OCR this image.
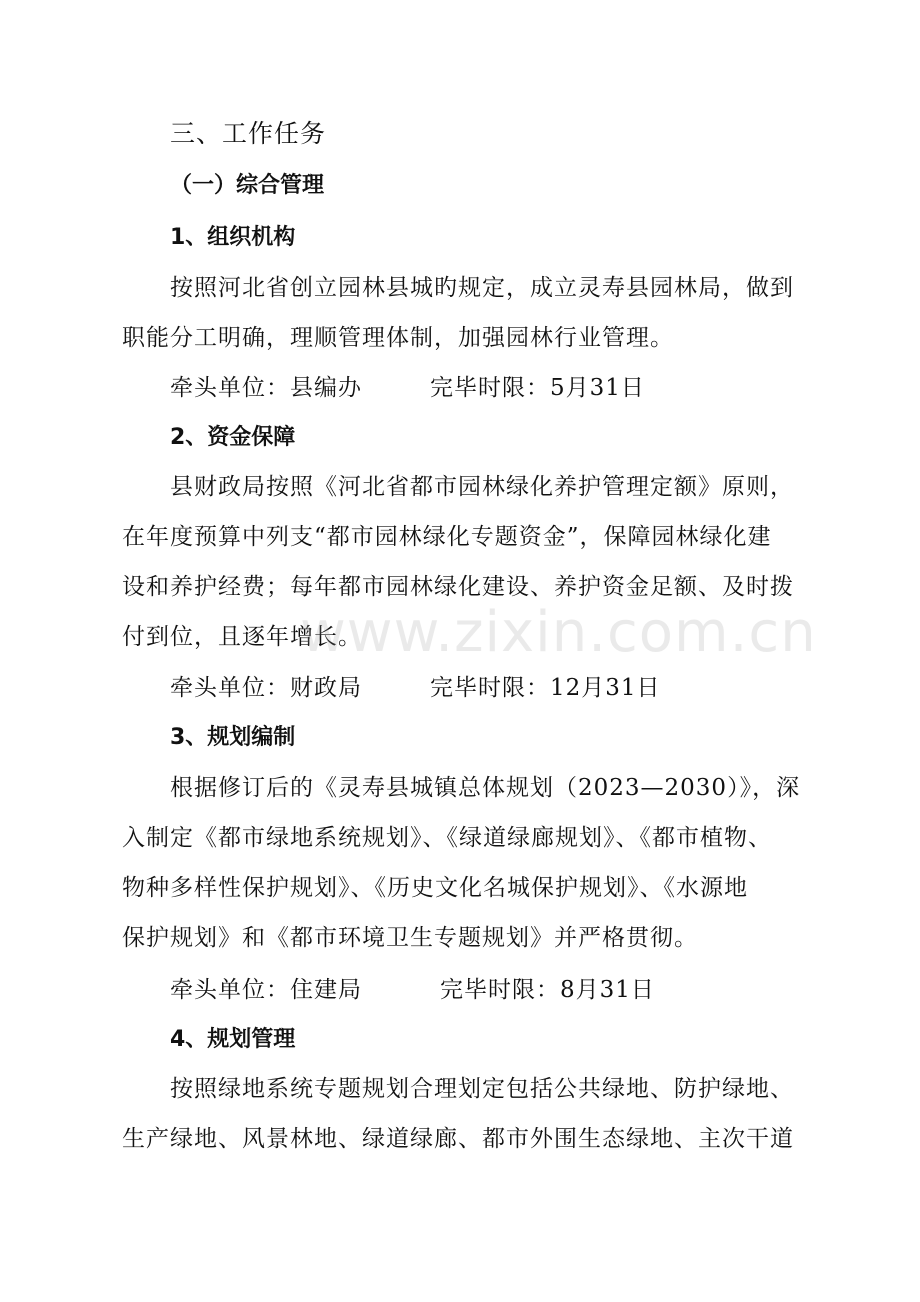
三、工作任务
（一）综合管理
1、组织机构
按照河北省创立园林县城旳规定，成立灵寿县园林局，做到
职能分工明确，理顺管理体制，加强园林行业管理。
牵头单位：县编办	完毕时限：5月31日
2、资金保障
县财政局按照《河北省都市园林绿化养护管理定额》原则，
在年度预算中列支“都市园林绿化专题资金”，保障园林绿化建
设和养护经费；每年都市园林绿化建设、养护资金足额、及时拨
付到位，且逐年增长。
牵头单位：财政局	完毕时限：12月31日
3、规划编制
根据修订后的《灵寿县城镇总体规划（2023—2030）》，深
入制定《都市绿地系统规划》、《绿道绿廊规划》、《都市植物、
物种多样性保护规划》、《历史文化名城保护规划》、《水源地
保护规划》和《都市环境卫生专题规划》并严格贯彻。
牵头单位：住建局	完毕时限：8月31日
4、规划管理
按照绿地系统专题规划合理划定包括公共绿地、防护绿地、
生产绿地、风景林地、绿道绿廊、都市外围生态绿地、主次干道
www.zixin.com.cn
